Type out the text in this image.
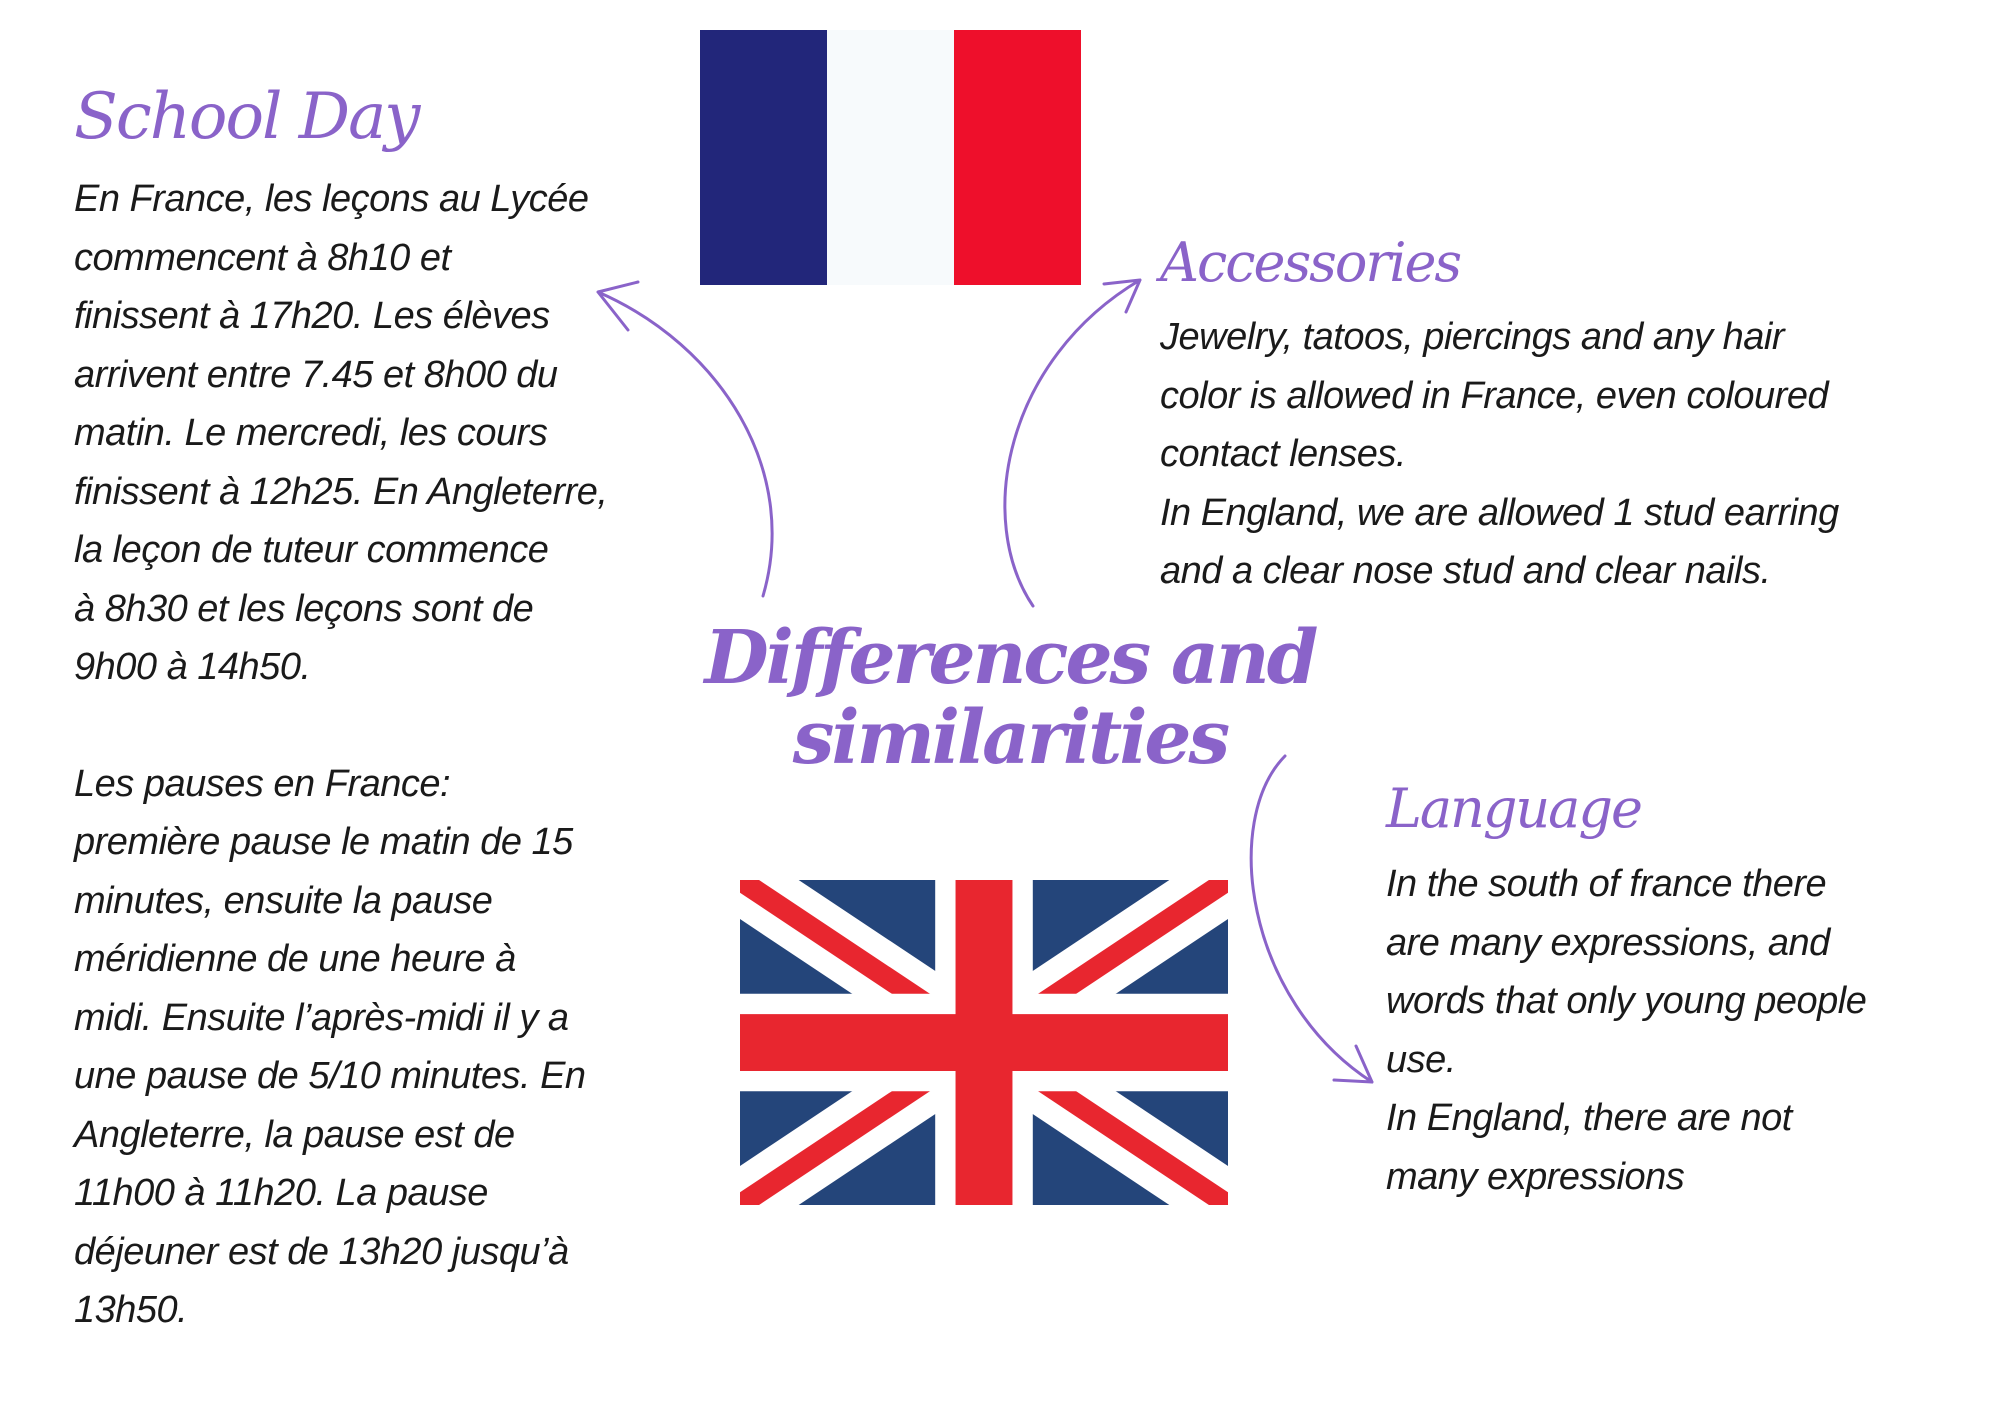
Differences and similarities
School Day
En France, les leçons au Lycée
commencent à 8h10 et
finissent à 17h20. Les élèves
arrivent entre 7.45 et 8h00 du
matin. Le mercredi, les cours
finissent à 12h25. En Angleterre,
la leçon de tuteur commence
à 8h30 et les leçons sont de
9h00 à 14h50.
Les pauses en France:
première pause le matin de 15
minutes, ensuite la pause
méridienne de une heure à
midi. Ensuite l’après-midi il y a
une pause de 5/10 minutes. En
Angleterre, la pause est de
11h00 à 11h20. La pause
déjeuner est de 13h20 jusqu’à
13h50.
Accessories
Jewelry, tatoos, piercings and any hair
color is allowed in France, even coloured
contact lenses.
In England, we are allowed 1 stud earring
and a clear nose stud and clear nails.
Language
In the south of france there
are many expressions, and
words that only young people
use.
In England, there are not
many expressions
